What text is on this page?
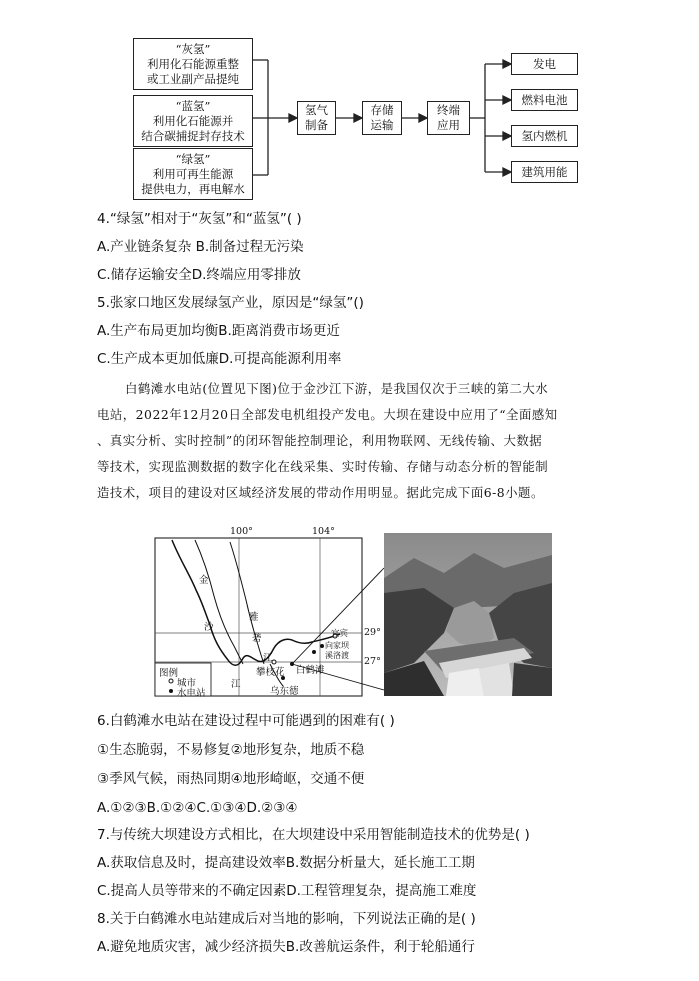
“灰氢”
利用化石能源重整
或工业副产品提纯
“蓝氢”
利用化石能源并
结合碳捕捉封存技术
“绿氢”
利用可再生能源
提供电力，再电解水
氢气
制备
存储
运输
终端
应用
发电
燃料电池
氢内燃机
建筑用能
4.“绿氢”相对于“灰氢”和“蓝氢”( )
A.产业链条复杂 B.制备过程无污染
C.储存运输安全D.终端应用零排放
5.张家口地区发展绿氢产业，原因是“绿氢”()
A.生产布局更加均衡B.距离消费市场更近
C.生产成本更加低廉D.可提高能源利用率
白鹤滩水电站(位置见下图)位于金沙江下游，是我国仅次于三峡的第二大水
电站，2022年12月20日全部发电机组投产发电。大坝在建设中应用了“全面感知
、真实分析、实时控制”的闭环智能控制理论，利用物联网、无线传输、大数据
等技术，实现监测数据的数字化在线采集、实时传输、存储与动态分析的智能制
造技术，项目的建设对区域经济发展的带动作用明显。据此完成下面6-8小题。
100°	104°
29°
27°
金
沙
雅
砻
江
江
攀枝花
宜宾
向家坝
溪洛渡
白鹤滩
乌东德
图例
城市
水电站
6.白鹤滩水电站在建设过程中可能遇到的困难有( )
①生态脆弱，不易修复②地形复杂，地质不稳
③季风气候，雨热同期④地形崎岖，交通不便
A.①②③B.①②④C.①③④D.②③④
7.与传统大坝建设方式相比，在大坝建设中采用智能制造技术的优势是( )
A.获取信息及时，提高建设效率B.数据分析量大，延长施工工期
C.提高人员等带来的不确定因素D.工程管理复杂，提高施工难度
8.关于白鹤滩水电站建成后对当地的影响，下列说法正确的是( )
A.避免地质灾害，减少经济损失B.改善航运条件，利于轮船通行
